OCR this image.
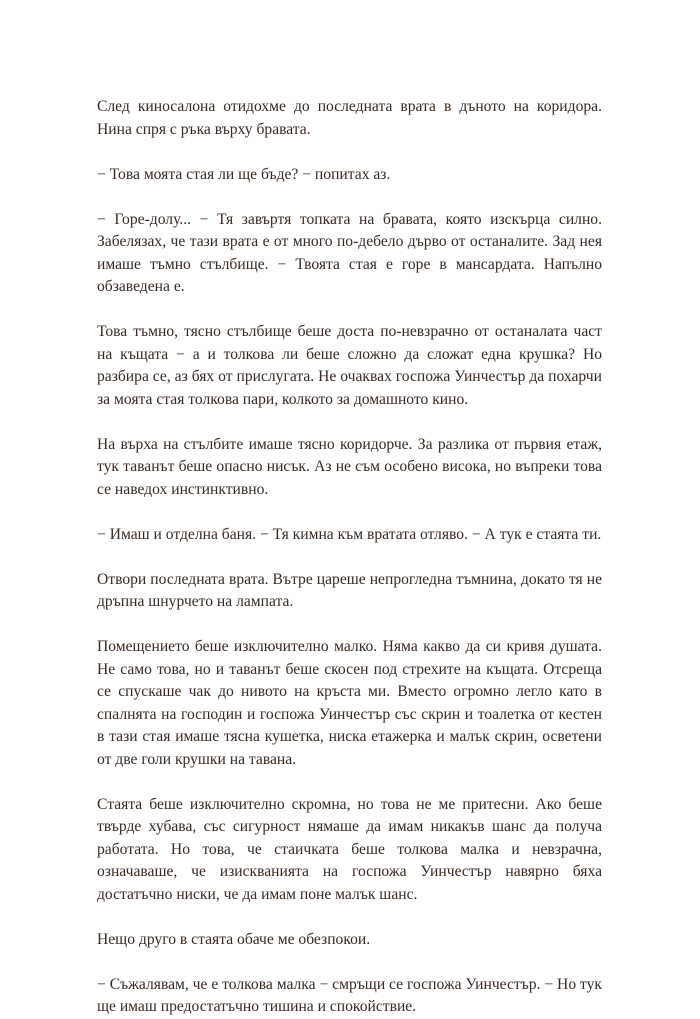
След киносалона отидохме до последната врата в дъното на коридора. Нина спря с ръка върху бравата.

− Това моята стая ли ще бъде? − попитах аз.

− Горе-долу... − Тя завъртя топката на бравата, която изскърца силно. Забелязах, че тази врата е от много по-дебело дърво от останалите. Зад нея имаше тъмно стълбище. − Твоята стая е горе в мансардата. Напълно обзаведена е.

Това тъмно, тясно стълбище беше доста по-невзрачно от останалата част на къщата − а и толкова ли беше сложно да сложат една крушка? Но разбира се, аз бях от прислугата. Не очаквах госпожа Уинчестър да похарчи за моята стая толкова пари, колкото за домашното кино.

На върха на стълбите имаше тясно коридорче. За разлика от първия етаж, тук таванът беше опасно нисък. Аз не съм особено висока, но въпреки това се наведох инстинктивно.

− Имаш и отделна баня. − Тя кимна към вратата отляво. − А тук е стаята ти.

Отвори последната врата. Вътре цареше непрогледна тъмнина, докато тя не дръпна шнурчето на лампата.

Помещението беше изключително малко. Няма какво да си кривя душата. Не само това, но и таванът беше скосен под стрехите на къщата. Отсреща се спускаше чак до нивото на кръста ми. Вместо огромно легло като в спалнята на господин и госпожа Уинчестър със скрин и тоалетка от кестен в тази стая имаше тясна кушетка, ниска етажерка и малък скрин, осветени от две голи крушки на тавана.

Стаята беше изключително скромна, но това не ме притесни. Ако беше твърде хубава, със сигурност нямаше да имам никакъв шанс да получа работата. Но това, че стаичката беше толкова малка и невзрачна, означаваше, че изискванията на госпожа Уинчестър навярно бяха достатъчно ниски, че да имам поне малък шанс.

Нещо друго в стаята обаче ме обезпокои.

− Съжалявам, че е толкова малка − смръщи се госпожа Уинчестър. − Но тук ще имаш предостатъчно тишина и спокойствие.
